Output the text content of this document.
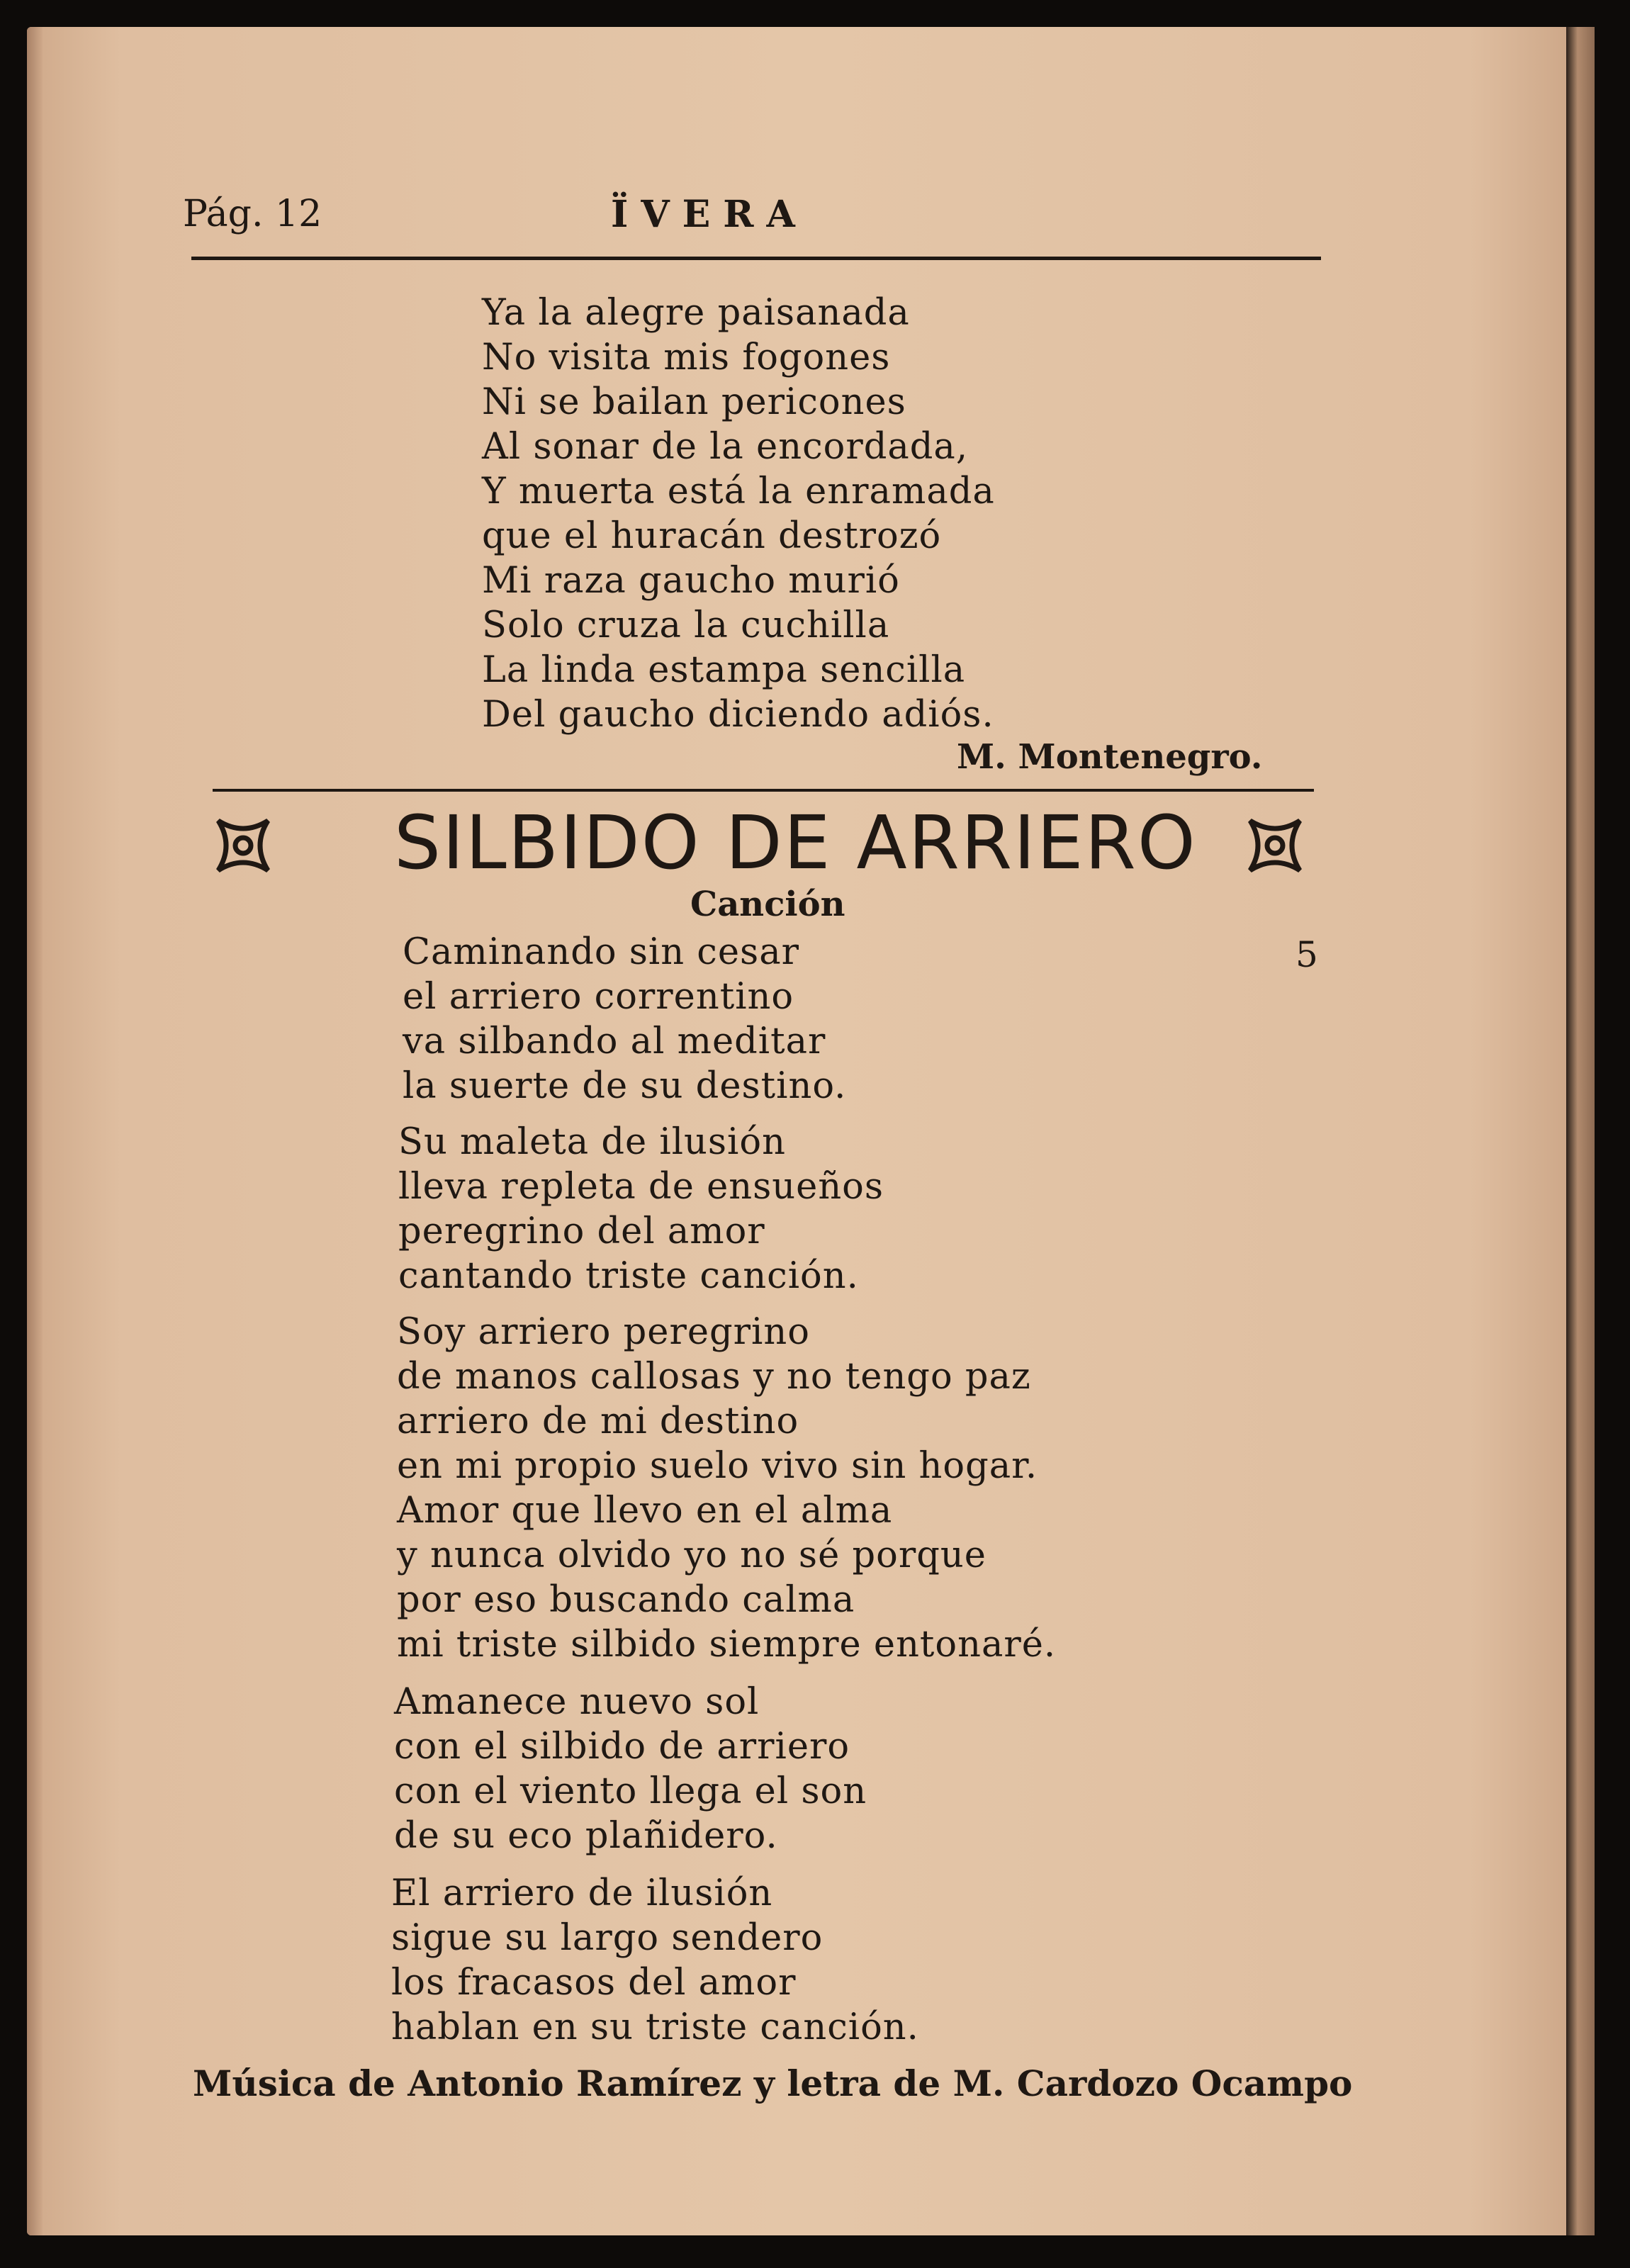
Pág. 12	ÏVERA
Ya la alegre paisanada
No visita mis fogones
Ni se bailan pericones
Al sonar de la encordada,
Y muerta está la enramada
que el huracán destrozó
Mi raza gaucho murió
Solo cruza la cuchilla
La linda estampa sencilla
Del gaucho diciendo adiós.
M. Montenegro.
SILBIDO DE ARRIERO
Canción
5
Caminando sin cesar
el arriero correntino
va silbando al meditar
la suerte de su destino.
Su maleta de ilusión
lleva repleta de ensueños
peregrino del amor
cantando triste canción.
Soy arriero peregrino
de manos callosas y no tengo paz
arriero de mi destino
en mi propio suelo vivo sin hogar.
Amor que llevo en el alma
y nunca olvido yo no sé porque
por eso buscando calma
mi triste silbido siempre entonaré.
Amanece nuevo sol
con el silbido de arriero
con el viento llega el son
de su eco plañidero.
El arriero de ilusión
sigue su largo sendero
los fracasos del amor
hablan en su triste canción.
Música de Antonio Ramírez y letra de M. Cardozo Ocampo
